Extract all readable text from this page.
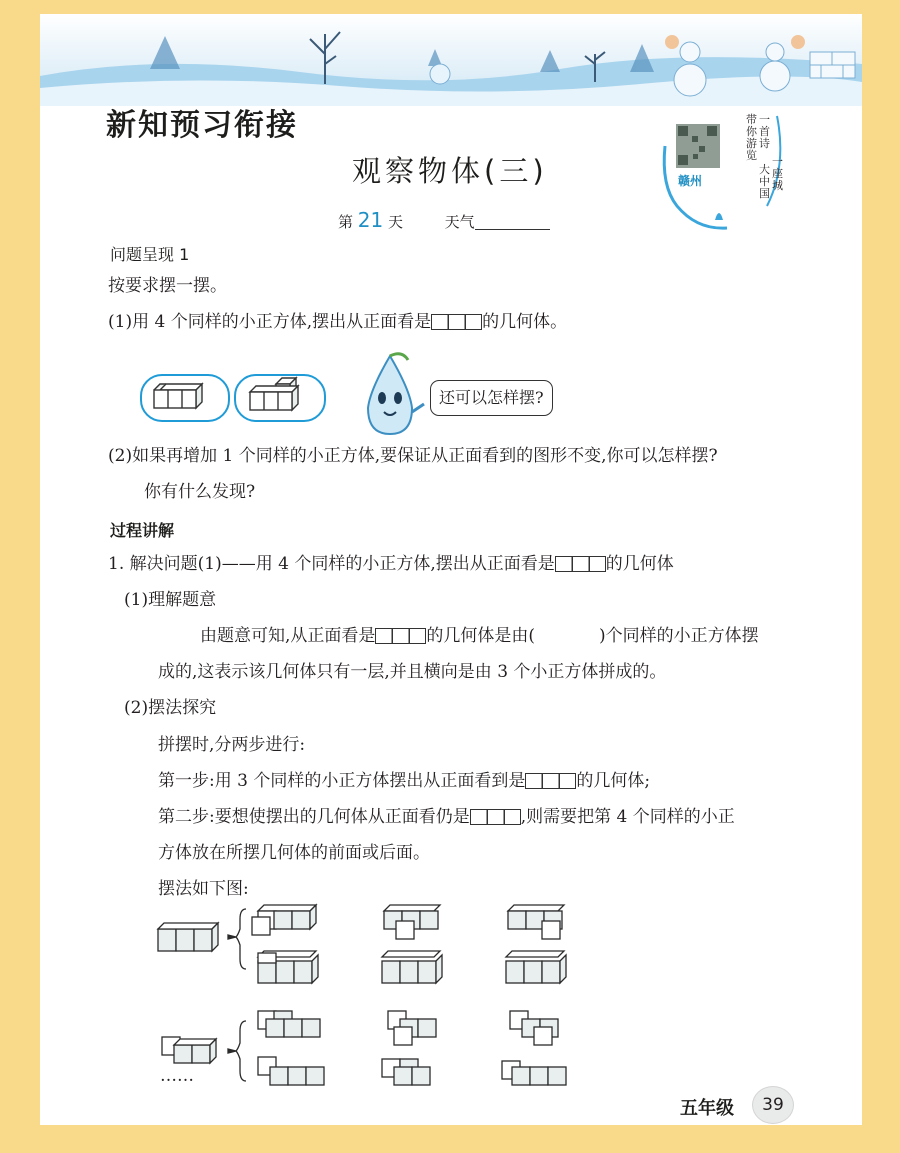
新知预习衔接
观察物体(三)
第 21 天	天气
赣州
一首诗
带你游览 一座城
大中国
问题呈现 1
按要求摆一摆。
(1)用 4 个同样的小正方体,摆出从正面看是	的几何体。
还可以怎样摆?
(2)如果再增加 1 个同样的小正方体,要保证从正面看到的图形不变,你可以怎样摆?
你有什么发现?
过程讲解
1. 解决问题(1)——用 4 个同样的小正方体,摆出从正面看是	的几何体
(1)理解题意
由题意可知,从正面看是	的几何体是由(	)个同样的小正方体摆
成的,这表示该几何体只有一层,并且横向是由 3 个小正方体拼成的。
(2)摆法探究
拼摆时,分两步进行:
第一步:用 3 个同样的小正方体摆出从正面看到是	的几何体;
第二步:要想使摆出的几何体从正面看仍是	,则需要把第 4 个同样的小正
方体放在所摆几何体的前面或后面。
摆法如下图:
……
五年级	39
